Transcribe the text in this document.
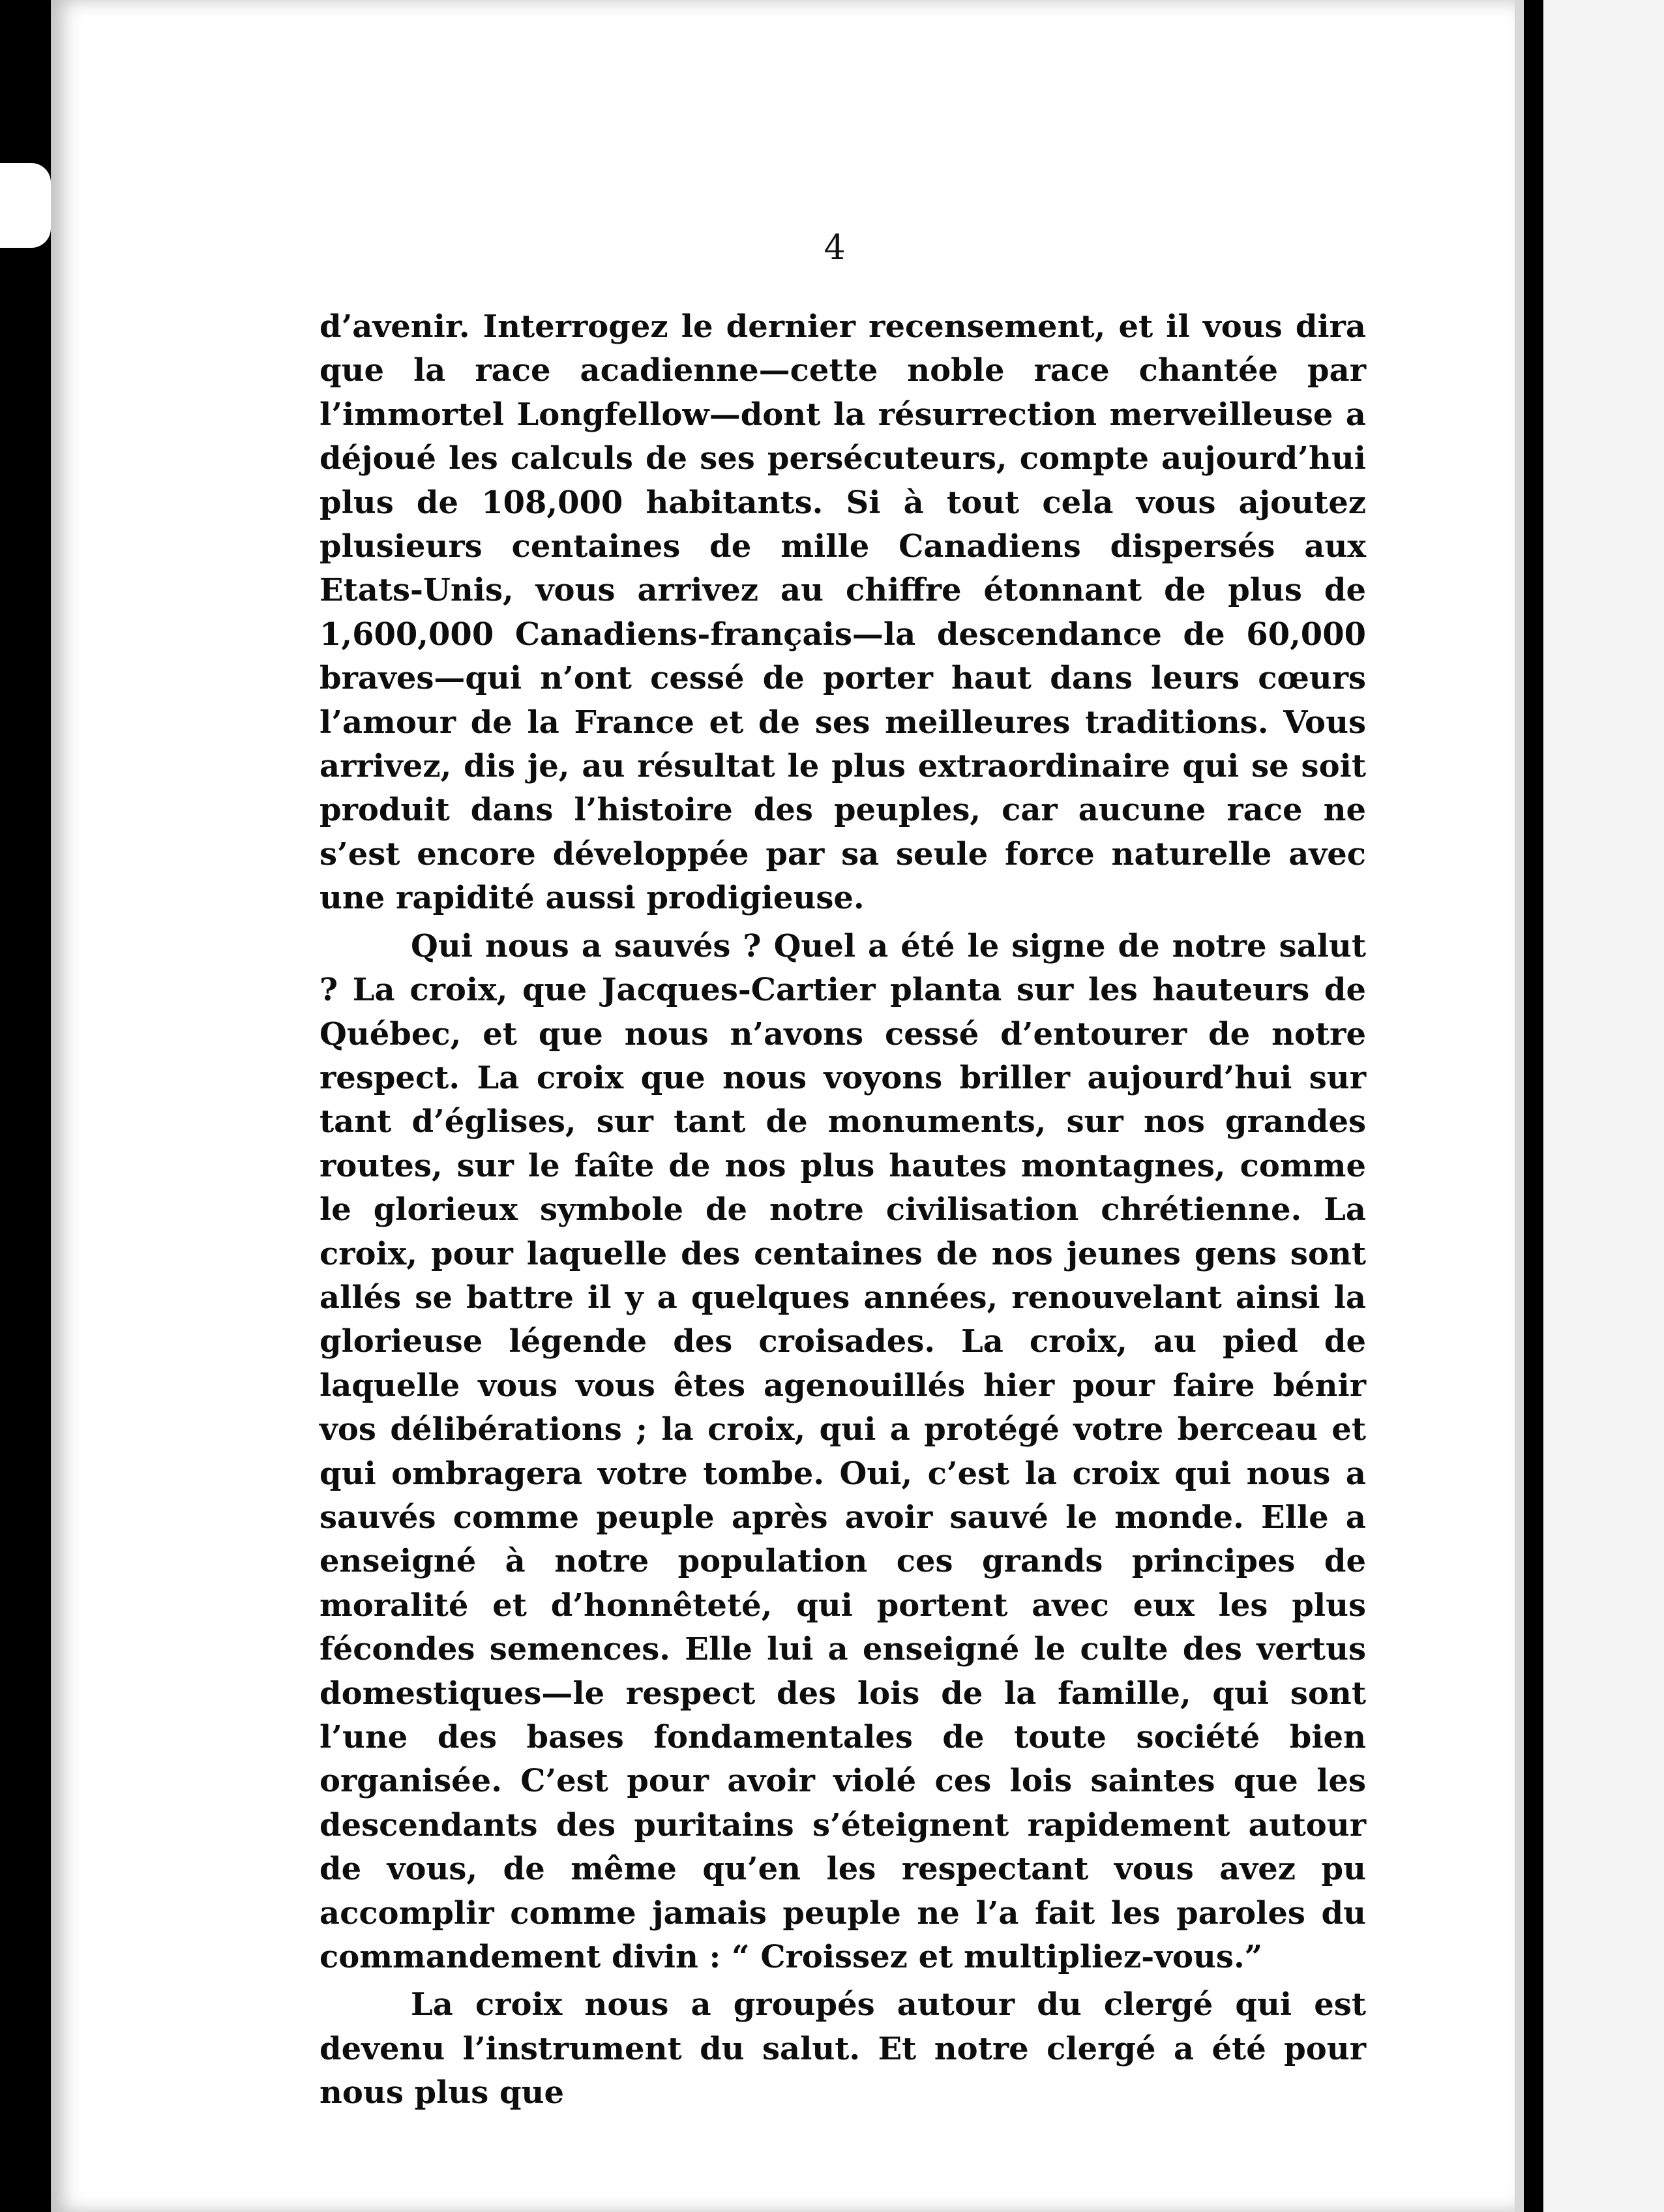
4

d’avenir. Interrogez le dernier recensement, et il vous dira que la race acadienne—cette noble race chantée par l’immortel Longfellow—dont la résurrection merveilleuse a déjoué les calculs de ses persécuteurs, compte aujourd’hui plus de 108,000 habitants. Si à tout cela vous ajoutez plusieurs centaines de mille Canadiens dispersés aux Etats-Unis, vous arrivez au chiffre étonnant de plus de 1,600,000 Canadiens-français—la descendance de 60,000 braves—qui n’ont cessé de porter haut dans leurs cœurs l’amour de la France et de ses meilleures traditions. Vous arrivez, dis je, au résultat le plus extraordinaire qui se soit produit dans l’histoire des peuples, car aucune race ne s’est encore développée par sa seule force naturelle avec une rapidité aussi prodigieuse.

Qui nous a sauvés ? Quel a été le signe de notre salut ? La croix, que Jacques-Cartier planta sur les hauteurs de Québec, et que nous n’avons cessé d’entourer de notre respect. La croix que nous voyons briller aujourd’hui sur tant d’églises, sur tant de monuments, sur nos grandes routes, sur le faîte de nos plus hautes montagnes, comme le glorieux symbole de notre civilisation chrétienne. La croix, pour laquelle des centaines de nos jeunes gens sont allés se battre il y a quelques années, renouvelant ainsi la glorieuse légende des croisades. La croix, au pied de laquelle vous vous êtes agenouillés hier pour faire bénir vos délibérations ; la croix, qui a protégé votre berceau et qui ombragera votre tombe. Oui, c’est la croix qui nous a sauvés comme peuple après avoir sauvé le monde. Elle a enseigné à notre population ces grands principes de moralité et d’honnêteté, qui portent avec eux les plus fécondes semences. Elle lui a enseigné le culte des vertus domestiques—le respect des lois de la famille, qui sont l’une des bases fondamentales de toute société bien organisée. C’est pour avoir violé ces lois saintes que les descendants des puritains s’éteignent rapidement autour de vous, de même qu’en les respectant vous avez pu accomplir comme jamais peuple ne l’a fait les paroles du commandement divin : “ Croissez et multipliez-vous.”

La croix nous a groupés autour du clergé qui est devenu l’instrument du salut. Et notre clergé a été pour nous plus que
